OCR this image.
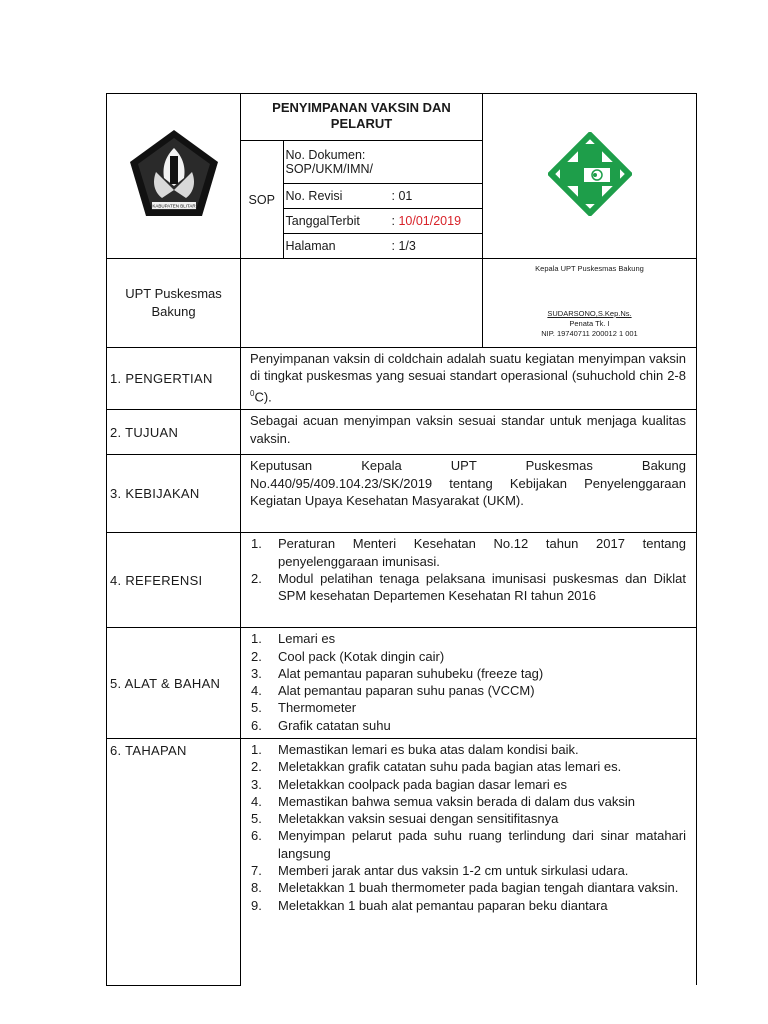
KABUPATEN BLITAR

PENYIMPANAN VAKSIN DAN
PELARUT
SOP	
No. Dokumen:
SOP/UKM/IMN/

No. Revisi	: 01
TanggalTerbit	: 10/01/2019
Halaman	: 1/3

UPT Puskesmas
Bakung

Kepala UPT Puskesmas Bakung
SUDARSONO,S.Kep.Ns.
Penata Tk. I
NIP. 19740711 200012 1 001

1. PENGERTIAN	Penyimpanan vaksin di coldchain adalah suatu kegiatan menyimpan vaksin di tingkat puskesmas yang sesuai standart operasional (suhuchold chin 2-8 $^0$C).
2. TUJUAN	Sebagai acuan menyimpan vaksin sesuai standar untuk menjaga kualitas vaksin.
3. KEBIJAKAN	Keputusan Kepala UPT Puskesmas Bakung No.440/95/409.104.23/SK/2019 tentang Kebijakan Penyelenggaraan Kegiatan Upaya Kesehatan Masyarakat (UKM).
4. REFERENSI	
1.	Peraturan Menteri Kesehatan No.12 tahun 2017 tentang penyelenggaraan imunisasi.
2.	Modul pelatihan tenaga pelaksana imunisasi puskesmas dan Diklat SPM kesehatan Departemen Kesehatan RI tahun 2016

5. ALAT & BAHAN	
1.	Lemari es
2.	Cool pack (Kotak dingin cair)
3.	Alat pemantau paparan suhubeku (freeze tag)
4.	Alat pemantau paparan suhu panas (VCCM)
5.	Thermometer
6.	Grafik catatan suhu

6. TAHAPAN	1.	Memastikan lemari es buka atas dalam kondisi baik.
2.	Meletakkan grafik catatan suhu pada bagian atas lemari es.
3.	Meletakkan coolpack pada bagian dasar lemari es
4.	Memastikan bahwa semua vaksin berada di dalam dus vaksin
5.	Meletakkan vaksin sesuai dengan sensitifitasnya
6.	Menyimpan pelarut pada suhu ruang terlindung dari sinar matahari langsung
7.	Memberi jarak antar dus vaksin 1-2 cm untuk sirkulasi udara.
8.	Meletakkan 1 buah thermometer pada bagian tengah diantara vaksin.
9.	Meletakkan 1 buah alat pemantau paparan beku diantara
